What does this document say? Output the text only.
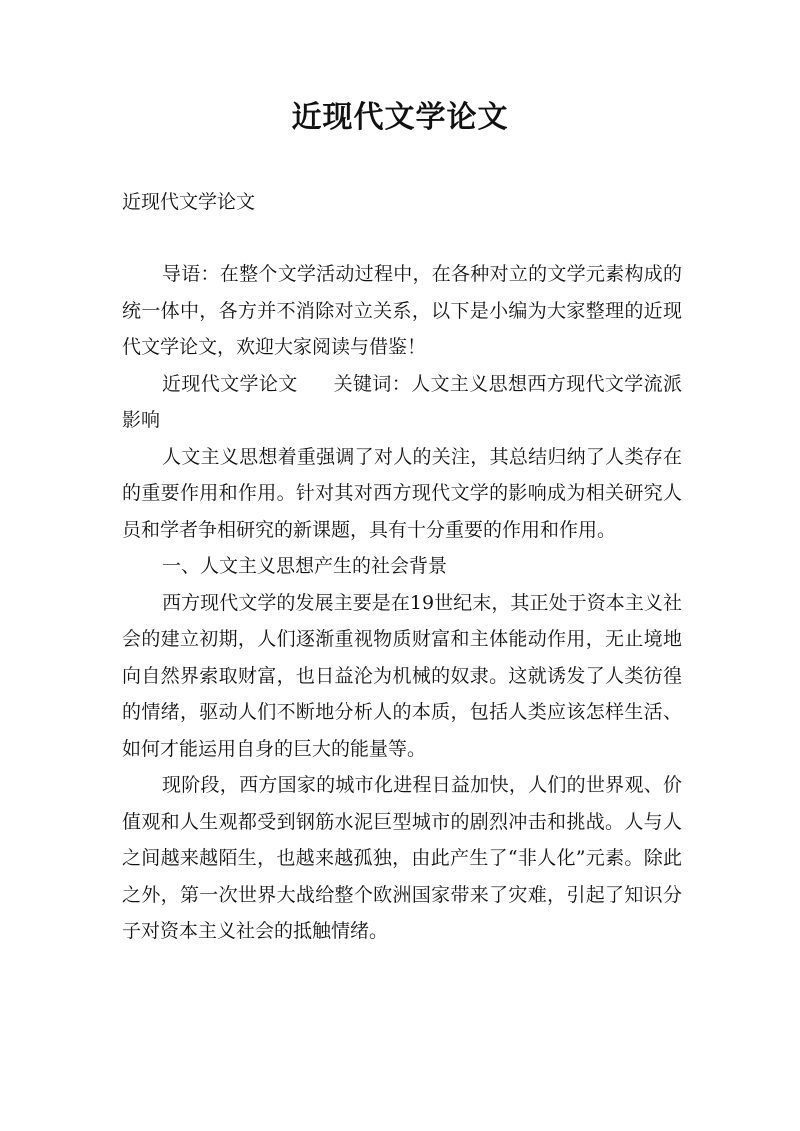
近现代文学论文
近现代文学论文

导语：在整个文学活动过程中，在各种对立的文学元素构成的统一体中，各方并不消除对立关系，以下是小编为大家整理的近现代文学论文，欢迎大家阅读与借鉴！

近现代文学论文 关键词：人文主义思想西方现代文学流派影响

人文主义思想着重强调了对人的关注，其总结归纳了人类存在的重要作用和作用。针对其对西方现代文学的影响成为相关研究人员和学者争相研究的新课题，具有十分重要的作用和作用。

一、人文主义思想产生的社会背景

西方现代文学的发展主要是在19世纪末，其正处于资本主义社会的建立初期，人们逐渐重视物质财富和主体能动作用，无止境地向自然界索取财富，也日益沦为机械的奴隶。这就诱发了人类彷徨的情绪，驱动人们不断地分析人的本质，包括人类应该怎样生活、如何才能运用自身的巨大的能量等。

现阶段，西方国家的城市化进程日益加快，人们的世界观、价值观和人生观都受到钢筋水泥巨型城市的剧烈冲击和挑战。人与人之间越来越陌生，也越来越孤独，由此产生了“非人化”元素。除此之外，第一次世界大战给整个欧洲国家带来了灾难，引起了知识分子对资本主义社会的抵触情绪。
